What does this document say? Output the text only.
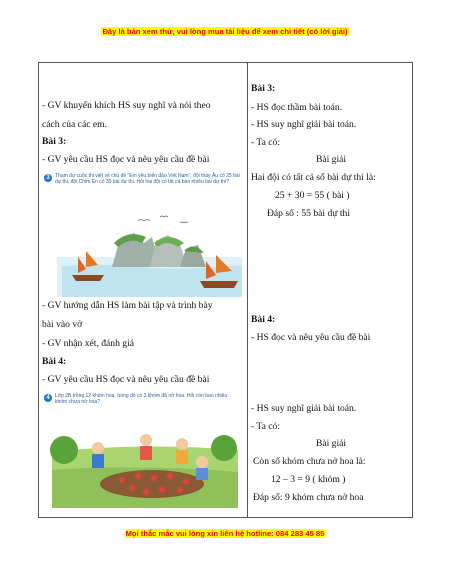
Đây là bản xem thử, vui lòng mua tài liệu để xem chi tiết (có lời giải)
- GV khuyến khích HS suy nghĩ và nói theo
cách của các em.
Bài 3:
- GV yêu cầu HS đọc và nêu yêu cầu đề bài
3	Tham dự cuộc thi viết về chủ đề “Em yêu biển đảo Việt Nam”, đội thầy Âu có 25 bài dự thi, đội Chim Én có 30 bài dự thi. Hỏi hai đội có tất cả bao nhiêu bài dự thi?
- GV hướng dẫn HS làm bài tập và trình bày
bài vào vở
- GV nhận xét, đánh giá
Bài 4:
- GV yêu cầu HS đọc và nêu yêu cầu đề bài
4	Lớp 2B trồng 12 khóm hoa, trong đó có 3 khóm đã nở hoa. Hỏi còn bao nhiêu khóm chưa nở hoa?
Bài 3:
- HS đọc thầm bài toán.
- HS suy nghĩ giải bài toán.
- Ta có:
Bài giải
Hai đội có tất cả số bài dự thi là:
25 + 30 = 55 ( bài )
Đáp số : 55 bài dự thi
Bài 4:
- HS đọc và nêu yêu cầu đề bài
- HS suy nghĩ giải bài toán.
- Ta có:
Bài giải
Còn số khóm chưa nở hoa là:
12 – 3 = 9 ( khóm )
Đáp số: 9 khóm chưa nở hoa
Mọi thắc mắc vui lòng xin liên hệ hotline: 084 283 45 85
